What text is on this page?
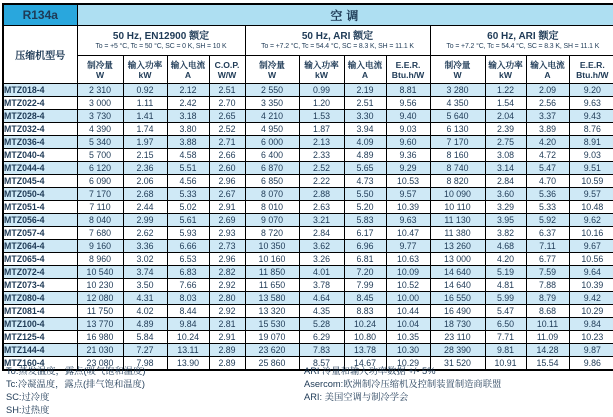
R134a	空调											
压缩机型号	
50 Hz, EN12900 额定
To = +5 °C, Tc = 50 °C, SC = 0 K, SH = 10 K

50 Hz, ARI 额定
To = +7.2 °C, Tc = 54.4 °C, SC = 8.3 K, SH = 11.1 K

60 Hz, ARI 额定
To = +7.2 °C, Tc = 54.4 °C, SC = 8.3 K, SH = 11.1 K

制冷量
W

输入功率
kW

输入电流
A

C.O.P.
W/W

制冷量
W

输入功率
kW

输入电流
A

E.E.R.
Btu.h/W

制冷量
W

输入功率
kW

输入电流
A

E.E.R.
Btu.h/W

MTZ018-4	2 310	0.92	2.12	2.51	2 550	0.99	2.19	8.81	3 280	1.22	2.09	9.20
MTZ022-4	3 000	1.11	2.42	2.70	3 350	1.20	2.51	9.56	4 350	1.54	2.56	9.63
MTZ028-4	3 730	1.41	3.18	2.65	4 210	1.53	3.30	9.40	5 640	2.04	3.37	9.43
MTZ032-4	4 390	1.74	3.80	2.52	4 950	1.87	3.94	9.03	6 130	2.39	3.89	8.76
MTZ036-4	5 340	1.97	3.88	2.71	6 000	2.13	4.09	9.60	7 170	2.75	4.20	8.91
MTZ040-4	5 700	2.15	4.58	2.66	6 400	2.33	4.89	9.36	8 160	3.08	4.72	9.03
MTZ044-4	6 120	2.36	5.51	2.60	6 870	2.52	5.65	9.29	8 740	3.14	5.47	9.51
MTZ045-4	6 090	2.06	4.56	2.96	6 850	2.22	4.73	10.53	8 820	2.84	4.70	10.59
MTZ050-4	7 170	2.68	5.33	2.67	8 070	2.88	5.50	9.57	10 090	3.60	5.36	9.57
MTZ051-4	7 110	2.44	5.02	2.91	8 010	2.63	5.20	10.39	10 110	3.29	5.33	10.48
MTZ056-4	8 040	2.99	5.61	2.69	9 070	3.21	5.83	9.63	11 130	3.95	5.92	9.62
MTZ057-4	7 680	2.62	5.93	2.93	8 720	2.84	6.17	10.47	11 380	3.82	6.37	10.16
MTZ064-4	9 160	3.36	6.66	2.73	10 350	3.62	6.96	9.77	13 260	4.68	7.11	9.67
MTZ065-4	8 960	3.02	6.53	2.96	10 160	3.26	6.81	10.63	13 000	4.20	6.77	10.56
MTZ072-4	10 540	3.74	6.83	2.82	11 850	4.01	7.20	10.09	14 640	5.19	7.59	9.64
MTZ073-4	10 230	3.50	7.66	2.92	11 650	3.78	7.99	10.52	14 640	4.81	7.88	10.39
MTZ080-4	12 080	4.31	8.03	2.80	13 580	4.64	8.45	10.00	16 550	5.99	8.79	9.42
MTZ081-4	11 750	4.02	8.44	2.92	13 320	4.35	8.83	10.44	16 490	5.47	8.68	10.29
MTZ100-4	13 770	4.89	9.84	2.81	15 530	5.28	10.24	10.04	18 730	6.50	10.11	9.84
MTZ125-4	16 980	5.84	10.24	2.91	19 070	6.29	10.80	10.35	23 110	7.71	11.09	10.23
MTZ144-4	21 030	7.27	13.11	2.89	23 620	7.83	13.78	10.30	28 390	9.81	14.28	9.87
MTZ160-4	23 080	7.98	13.90	2.89	25 860	8.57	14.67	10.29	31 520	10.91	15.54	9.86
To:蒸发温度，露点(吸气饱和温度)
Tc:冷凝温度，露点(排气饱和温度)
SC:过冷度
SH:过热度
ARI 冷量和输入功率数据 +/- 5%
Asercom:欧洲制冷压缩机及控制装置制造商联盟
ARI: 美国空调与制冷学会
